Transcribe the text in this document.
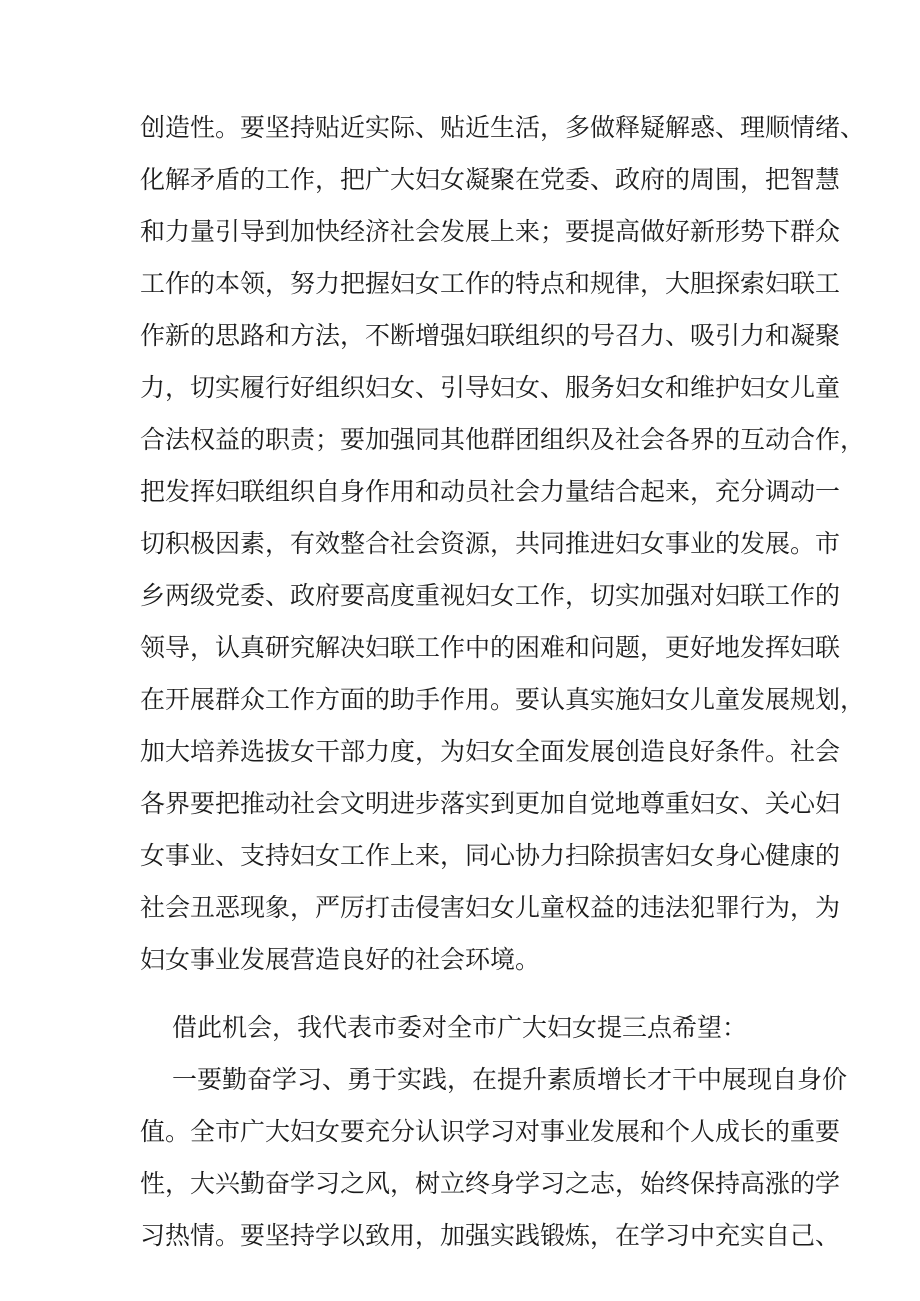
创造性。要坚持贴近实际、贴近生活，多做释疑解惑、理顺情绪、
化解矛盾的工作，把广大妇女凝聚在党委、政府的周围，把智慧
和力量引导到加快经济社会发展上来；要提高做好新形势下群众
工作的本领，努力把握妇女工作的特点和规律，大胆探索妇联工
作新的思路和方法，不断增强妇联组织的号召力、吸引力和凝聚
力，切实履行好组织妇女、引导妇女、服务妇女和维护妇女儿童
合法权益的职责；要加强同其他群团组织及社会各界的互动合作，
把发挥妇联组织自身作用和动员社会力量结合起来，充分调动一
切积极因素，有效整合社会资源，共同推进妇女事业的发展。市
乡两级党委、政府要高度重视妇女工作，切实加强对妇联工作的
领导，认真研究解决妇联工作中的困难和问题，更好地发挥妇联
在开展群众工作方面的助手作用。要认真实施妇女儿童发展规划，
加大培养选拔女干部力度，为妇女全面发展创造良好条件。社会
各界要把推动社会文明进步落实到更加自觉地尊重妇女、关心妇
女事业、支持妇女工作上来，同心协力扫除损害妇女身心健康的
社会丑恶现象，严厉打击侵害妇女儿童权益的违法犯罪行为，为
妇女事业发展营造良好的社会环境。
借此机会，我代表市委对全市广大妇女提三点希望：
一要勤奋学习、勇于实践，在提升素质增长才干中展现自身价
值。全市广大妇女要充分认识学习对事业发展和个人成长的重要
性，大兴勤奋学习之风，树立终身学习之志，始终保持高涨的学
习热情。要坚持学以致用，加强实践锻炼，在学习中充实自己、
